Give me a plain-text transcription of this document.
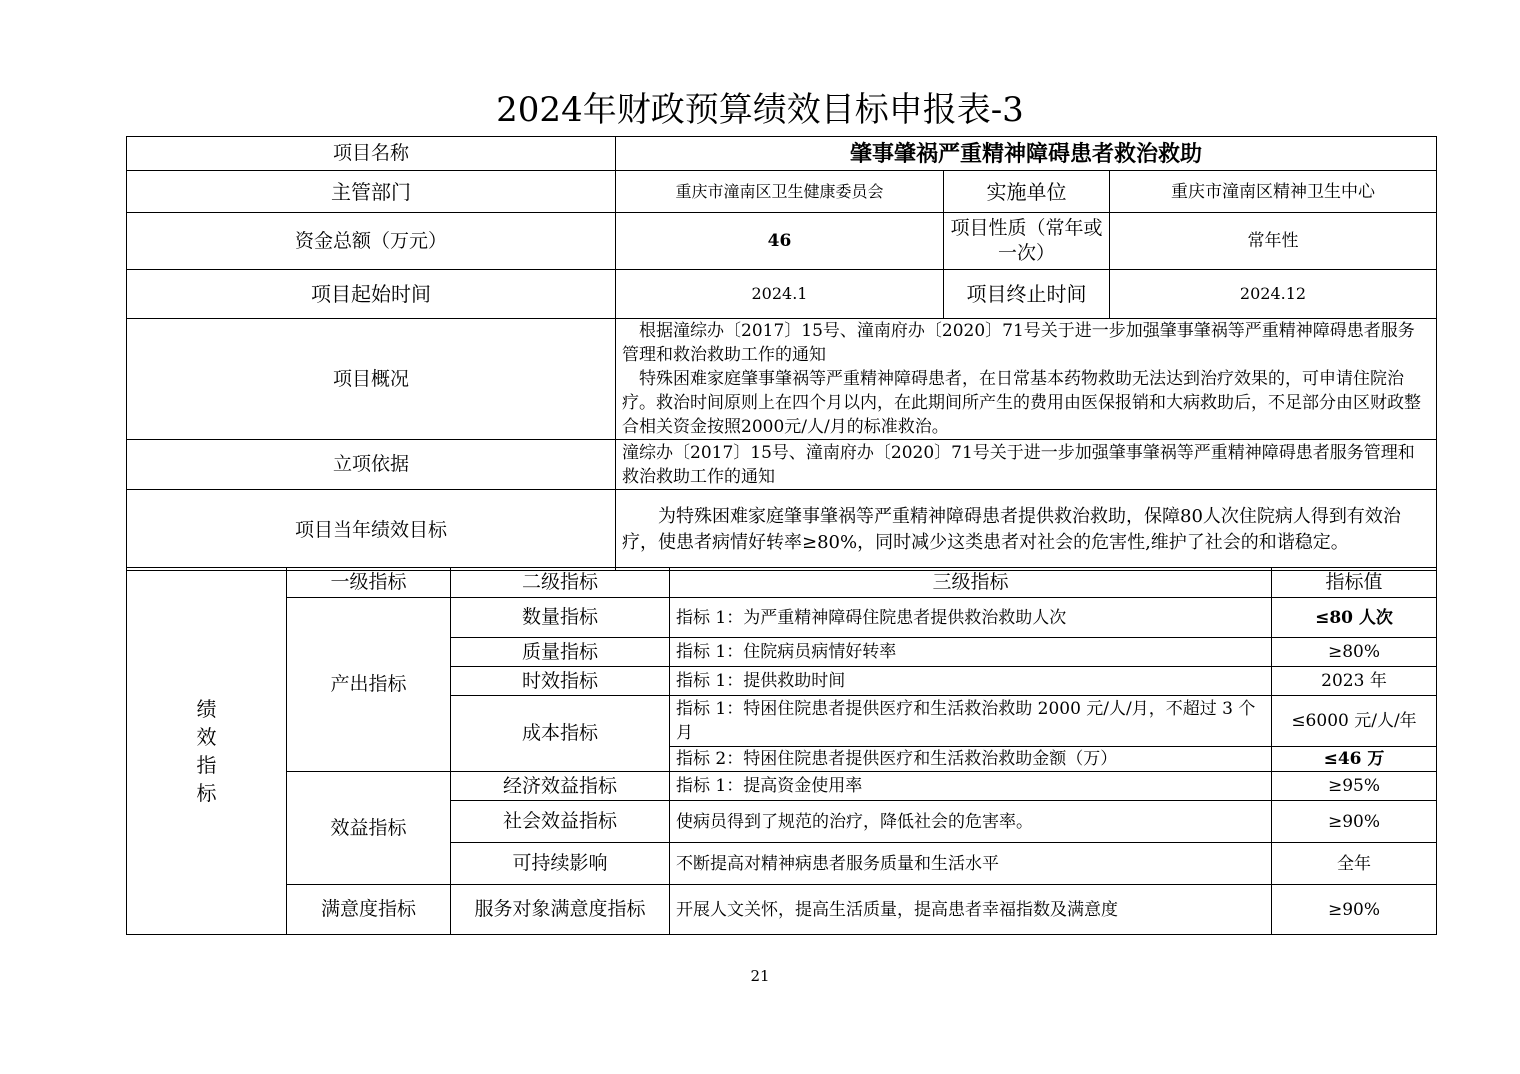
2024年财政预算绩效目标申报表-3
项目名称	肇事肇祸严重精神障碍患者救治救助		
主管部门	重庆市潼南区卫生健康委员会	实施单位	重庆市潼南区精神卫生中心
资金总额（万元）	46	项目性质（常年或一次）	常年性
项目起始时间	2024.1	项目终止时间	2024.12
项目概况	根据潼综办〔2017〕15号、潼南府办〔2020〕71号关于进一步加强肇事肇祸等严重精神障碍患者服务管理和救治救助工作的通知
特殊困难家庭肇事肇祸等严重精神障碍患者，在日常基本药物救助无法达到治疗效果的，可申请住院治疗。救治时间原则上在四个月以内，在此期间所产生的费用由医保报销和大病救助后，不足部分由区财政整合相关资金按照2000元/人/月的标准救治。		

立项依据	潼综办〔2017〕15号、潼南府办〔2020〕71号关于进一步加强肇事肇祸等严重精神障碍患者服务管理和救治救助工作的通知		
项目当年绩效目标	为特殊困难家庭肇事肇祸等严重精神障碍患者提供救治救助，保障80人次住院病人得到有效治疗，使患者病情好转率≥80%，同时减少这类患者对社会的危害性,维护了社会的和谐稳定。		
绩效指标	一级指标	二级指标	三级指标	指标值
	产出指标	数量指标	指标 1：为严重精神障碍住院患者提供救治救助人次	≤80 人次
		质量指标	指标 1：住院病员病情好转率	≥80%
		时效指标	指标 1：提供救助时间	2023 年
		成本指标	指标 1：特困住院患者提供医疗和生活救治救助 2000 元/人/月，不超过 3 个月	≤6000 元/人/年
			指标 2：特困住院患者提供医疗和生活救治救助金额（万）	≤46 万
	效益指标	经济效益指标	指标 1：提高资金使用率	≥95%
		社会效益指标	使病员得到了规范的治疗，降低社会的危害率。	≥90%
		可持续影响	不断提高对精神病患者服务质量和生活水平	全年
	满意度指标	服务对象满意度指标	开展人文关怀，提高生活质量，提高患者幸福指数及满意度	≥90%
21
